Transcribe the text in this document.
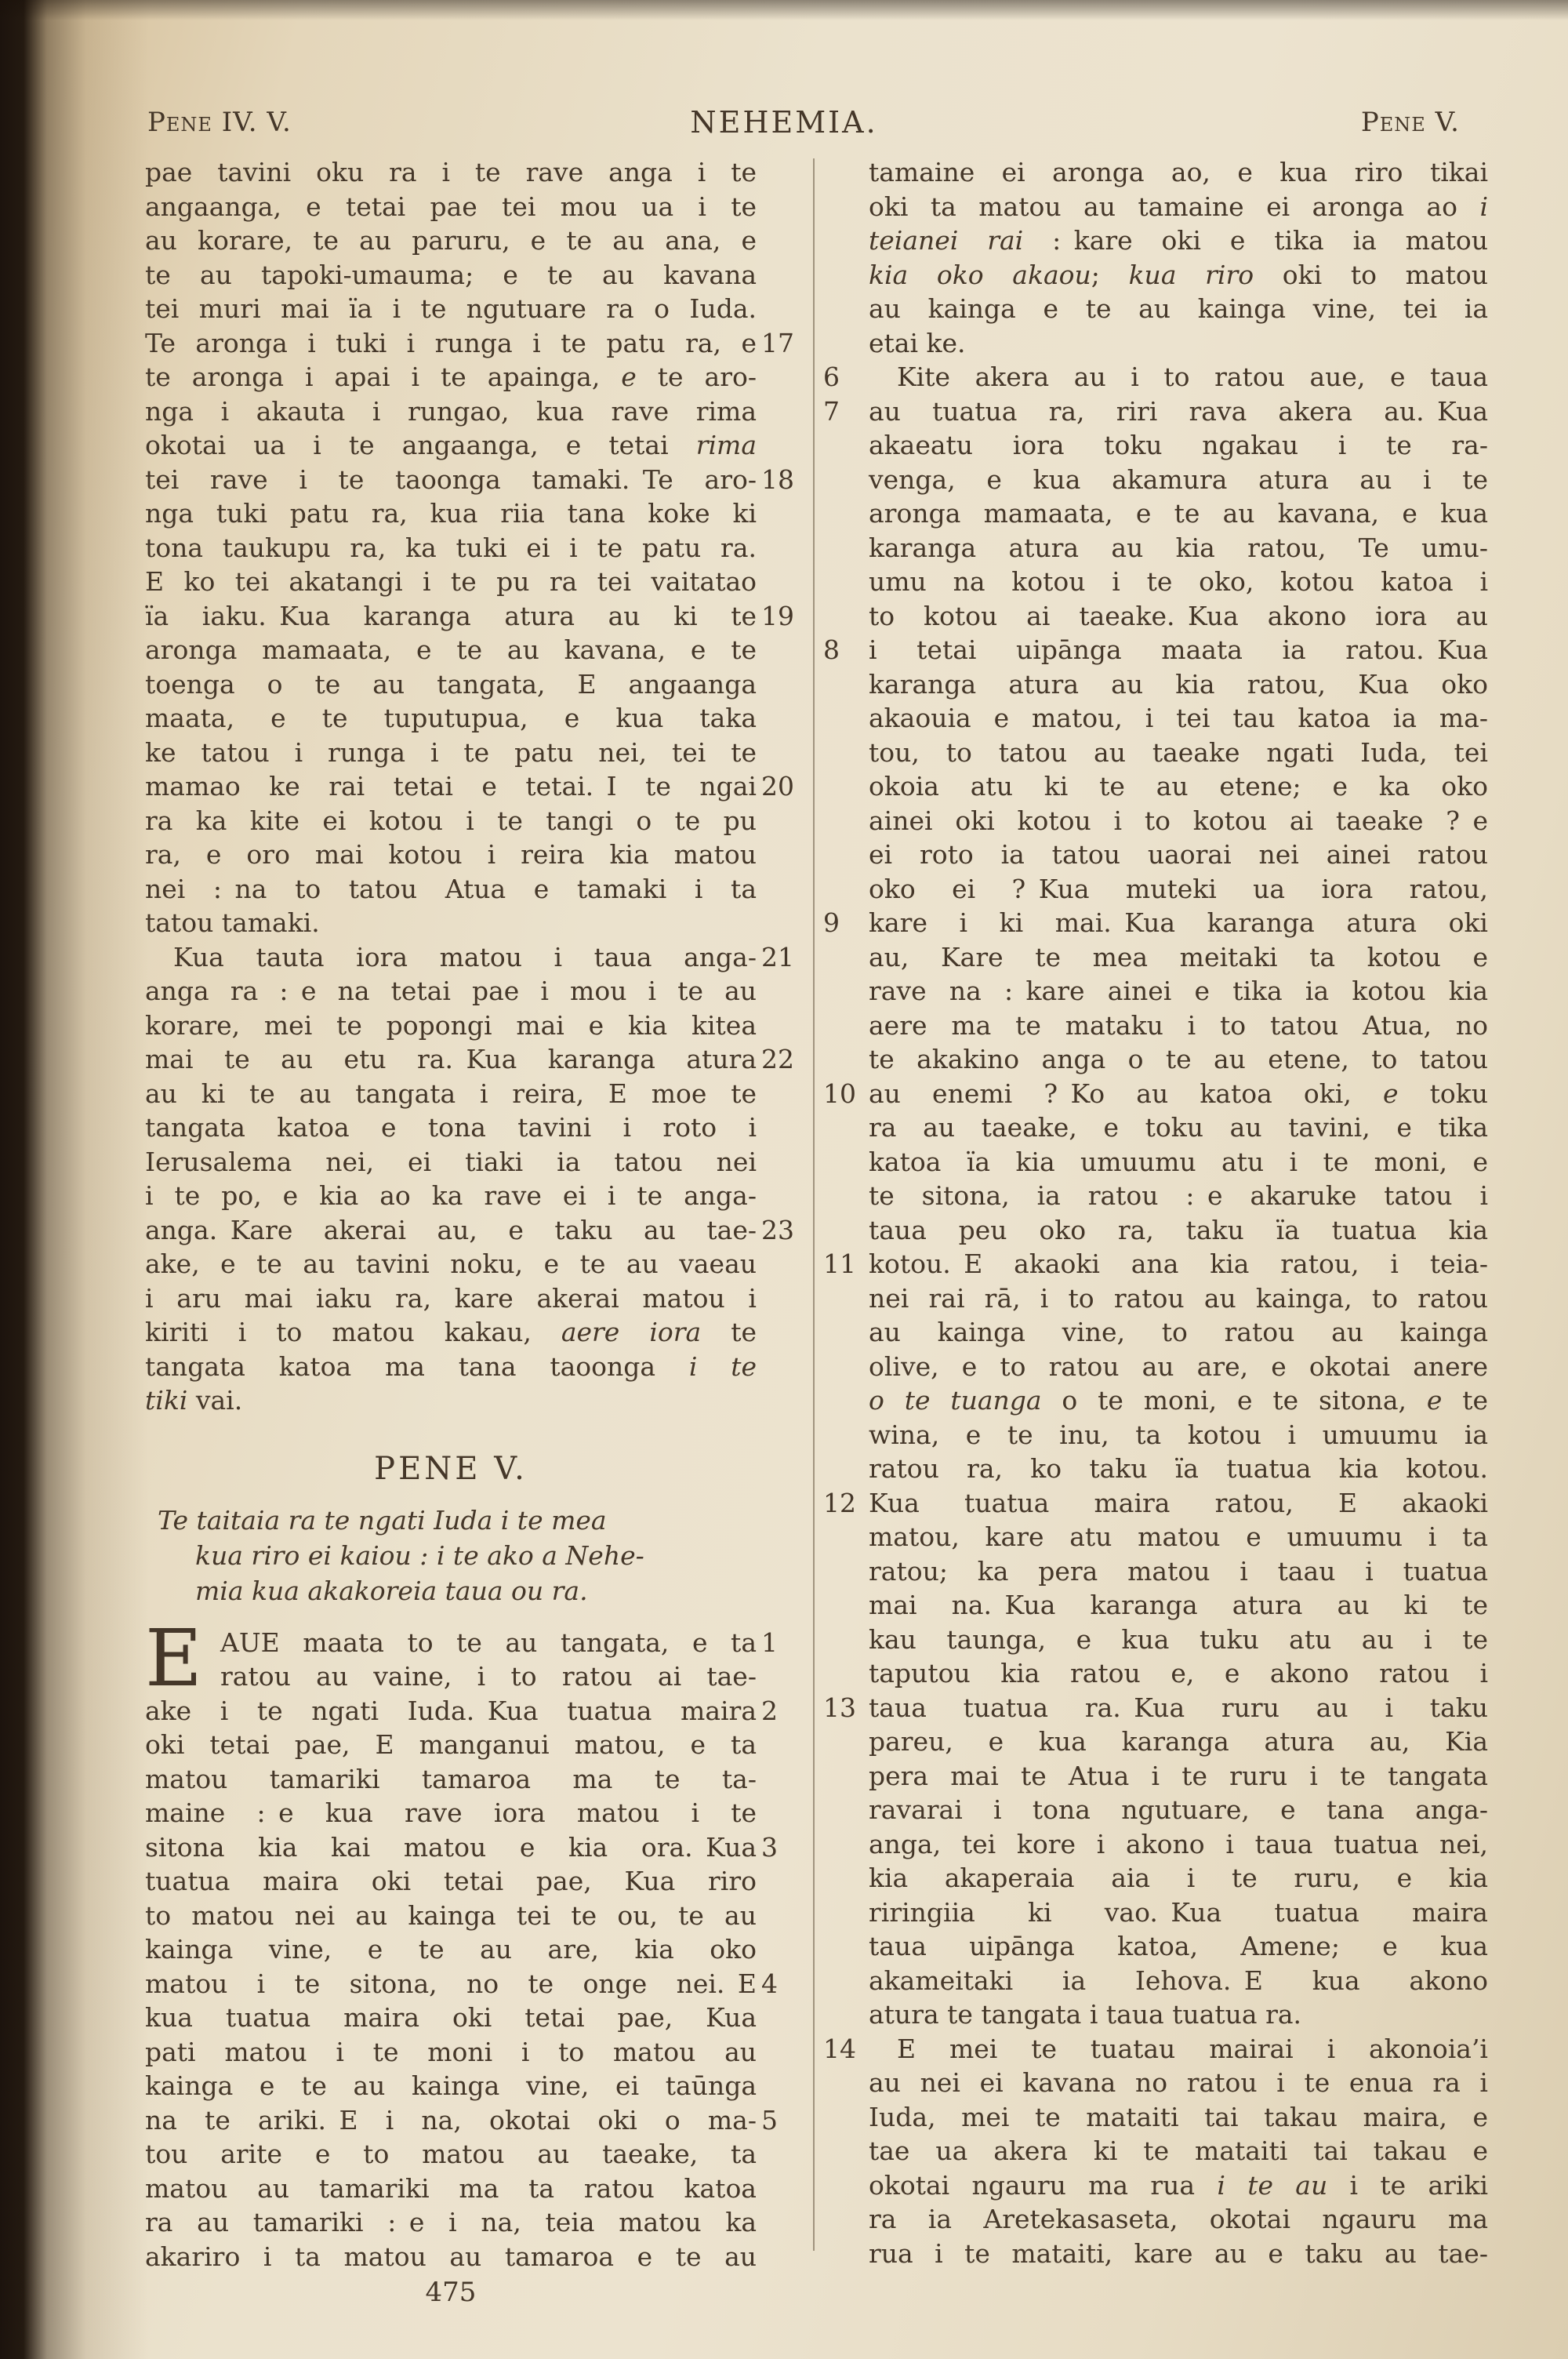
Pene IV. V.	NEHEMIA.	Pene V.
pae tavini oku ra i te rave anga i te
angaanga, e tetai pae tei mou ua i te
au korare, te au paruru, e te au ana, e
te au tapoki-umauma; e te au kavana
tei muri mai ïa i te ngutuare ra o Iuda.
17
Te aronga i tuki i runga i te patu ra, e
te aronga i apai i te apainga, e te aro-
nga i akauta i rungao, kua rave rima
okotai ua i te angaanga, e tetai rima
18
tei rave i te taoonga tamaki. Te aro-
nga tuki patu ra, kua riia tana koke ki
tona taukupu ra, ka tuki ei i te patu ra.
E ko tei akatangi i te pu ra tei vaitatao
19
ïa iaku. Kua karanga atura au ki te
aronga mamaata, e te au kavana, e te
toenga o te au tangata, E angaanga
maata, e te tuputupua, e kua taka
ke tatou i runga i te patu nei, tei te
20
mamao ke rai tetai e tetai. I te ngai
ra ka kite ei kotou i te tangi o te pu
ra, e oro mai kotou i reira kia matou
nei : na to tatou Atua e tamaki i ta
tatou tamaki.
21
Kua tauta iora matou i taua anga-
anga ra : e na tetai pae i mou i te au
korare, mei te popongi mai e kia kitea
22
mai te au etu ra. Kua karanga atura
au ki te au tangata i reira, E moe te
tangata katoa e tona tavini i roto i
Ierusalema nei, ei tiaki ia tatou nei
i te po, e kia ao ka rave ei i te anga-
23
anga. Kare akerai au, e taku au tae-
ake, e te au tavini noku, e te au vaeau
i aru mai iaku ra, kare akerai matou i
kiriti i to matou kakau, aere iora te
tangata katoa ma tana taoonga i te
tiki vai.
PENE V.
Te taitaia ra te ngati Iuda i te mea
kua riro ei kaiou : i te ako a Nehe-
mia kua akakoreia taua ou ra.
E	1
AUE maata to te au tangata, e ta
ratou au vaine, i to ratou ai tae-
2
ake i te ngati Iuda. Kua tuatua maira
oki tetai pae, E manganui matou, e ta
matou tamariki tamaroa ma te ta-
maine : e kua rave iora matou i te
3
sitona kia kai matou e kia ora. Kua
tuatua maira oki tetai pae, Kua riro
to matou nei au kainga tei te ou, te au
kainga vine, e te au are, kia oko
4
matou i te sitona, no te onge nei. E
kua tuatua maira oki tetai pae, Kua
pati matou i te moni i to matou au
kainga e te au kainga vine, ei taūnga
5
na te ariki. E i na, okotai oki o ma-
tou arite e to matou au taeake, ta
matou au tamariki ma ta ratou katoa
ra au tamariki : e i na, teia matou ka
akariro i ta matou au tamaroa e te au
475
tamaine ei aronga ao, e kua riro tikai
oki ta matou au tamaine ei aronga ao i
teianei rai : kare oki e tika ia matou
kia oko akaou; kua riro oki to matou
au kainga e te au kainga vine, tei ia
etai ke.
6	Kite akera au i to ratou aue, e taua
7	au tuatua ra, riri rava akera au. Kua
akaeatu iora toku ngakau i te ra-
venga, e kua akamura atura au i te
aronga mamaata, e te au kavana, e kua
karanga atura au kia ratou, Te umu-
umu na kotou i te oko, kotou katoa i
to kotou ai taeake. Kua akono iora au
8	i tetai uipānga maata ia ratou. Kua
karanga atura au kia ratou, Kua oko
akaouia e matou, i tei tau katoa ia ma-
tou, to tatou au taeake ngati Iuda, tei
okoia atu ki te au etene; e ka oko
ainei oki kotou i to kotou ai taeake ? e
ei roto ia tatou uaorai nei ainei ratou
oko ei ? Kua muteki ua iora ratou,
9	kare i ki mai. Kua karanga atura oki
au, Kare te mea meitaki ta kotou e
rave na : kare ainei e tika ia kotou kia
aere ma te mataku i to tatou Atua, no
te akakino anga o te au etene, to tatou
10 au enemi ? Ko au katoa oki, e toku
ra au taeake, e toku au tavini, e tika
katoa ïa kia umuumu atu i te moni, e
te sitona, ia ratou : e akaruke tatou i
taua peu oko ra, taku ïa tuatua kia
11 kotou. E akaoki ana kia ratou, i teia-
nei rai rā, i to ratou au kainga, to ratou
au kainga vine, to ratou au kainga
olive, e to ratou au are, e okotai anere
o te tuanga o te moni, e te sitona, e te
wina, e te inu, ta kotou i umuumu ia
ratou ra, ko taku ïa tuatua kia kotou.
12 Kua tuatua maira ratou, E akaoki
matou, kare atu matou e umuumu i ta
ratou; ka pera matou i taau i tuatua
mai na. Kua karanga atura au ki te
kau taunga, e kua tuku atu au i te
taputou kia ratou e, e akono ratou i
13 taua tuatua ra. Kua ruru au i taku
pareu, e kua karanga atura au, Kia
pera mai te Atua i te ruru i te tangata
ravarai i tona ngutuare, e tana anga-
anga, tei kore i akono i taua tuatua nei,
kia akaperaia aia i te ruru, e kia
riringiia ki vao. Kua tuatua maira
taua uipānga katoa, Amene; e kua
akameitaki ia Iehova. E kua akono
atura te tangata i taua tuatua ra.
14	E mei te tuatau mairai i akonoia’i
au nei ei kavana no ratou i te enua ra i
Iuda, mei te mataiti tai takau maira, e
tae ua akera ki te mataiti tai takau e
okotai ngauru ma rua i te au i te ariki
ra ia Aretekasaseta, okotai ngauru ma
rua i te mataiti, kare au e taku au tae-
